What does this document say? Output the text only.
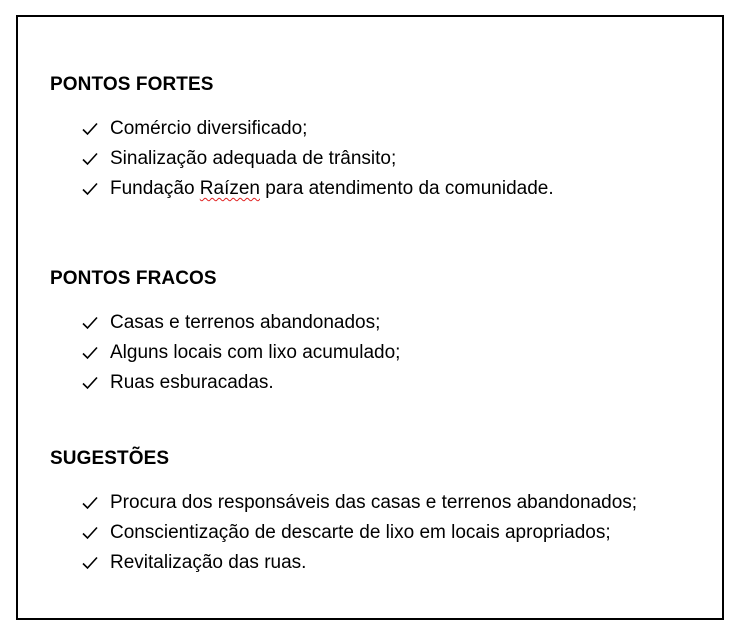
PONTOS FORTES
Comércio diversificado;
Sinalização adequada de trânsito;
Fundação Raízen para atendimento da comunidade.
PONTOS FRACOS
Casas e terrenos abandonados;
Alguns locais com lixo acumulado;
Ruas esburacadas.
SUGESTÕES
Procura dos responsáveis das casas e terrenos abandonados;
Conscientização de descarte de lixo em locais apropriados;
Revitalização das ruas.
